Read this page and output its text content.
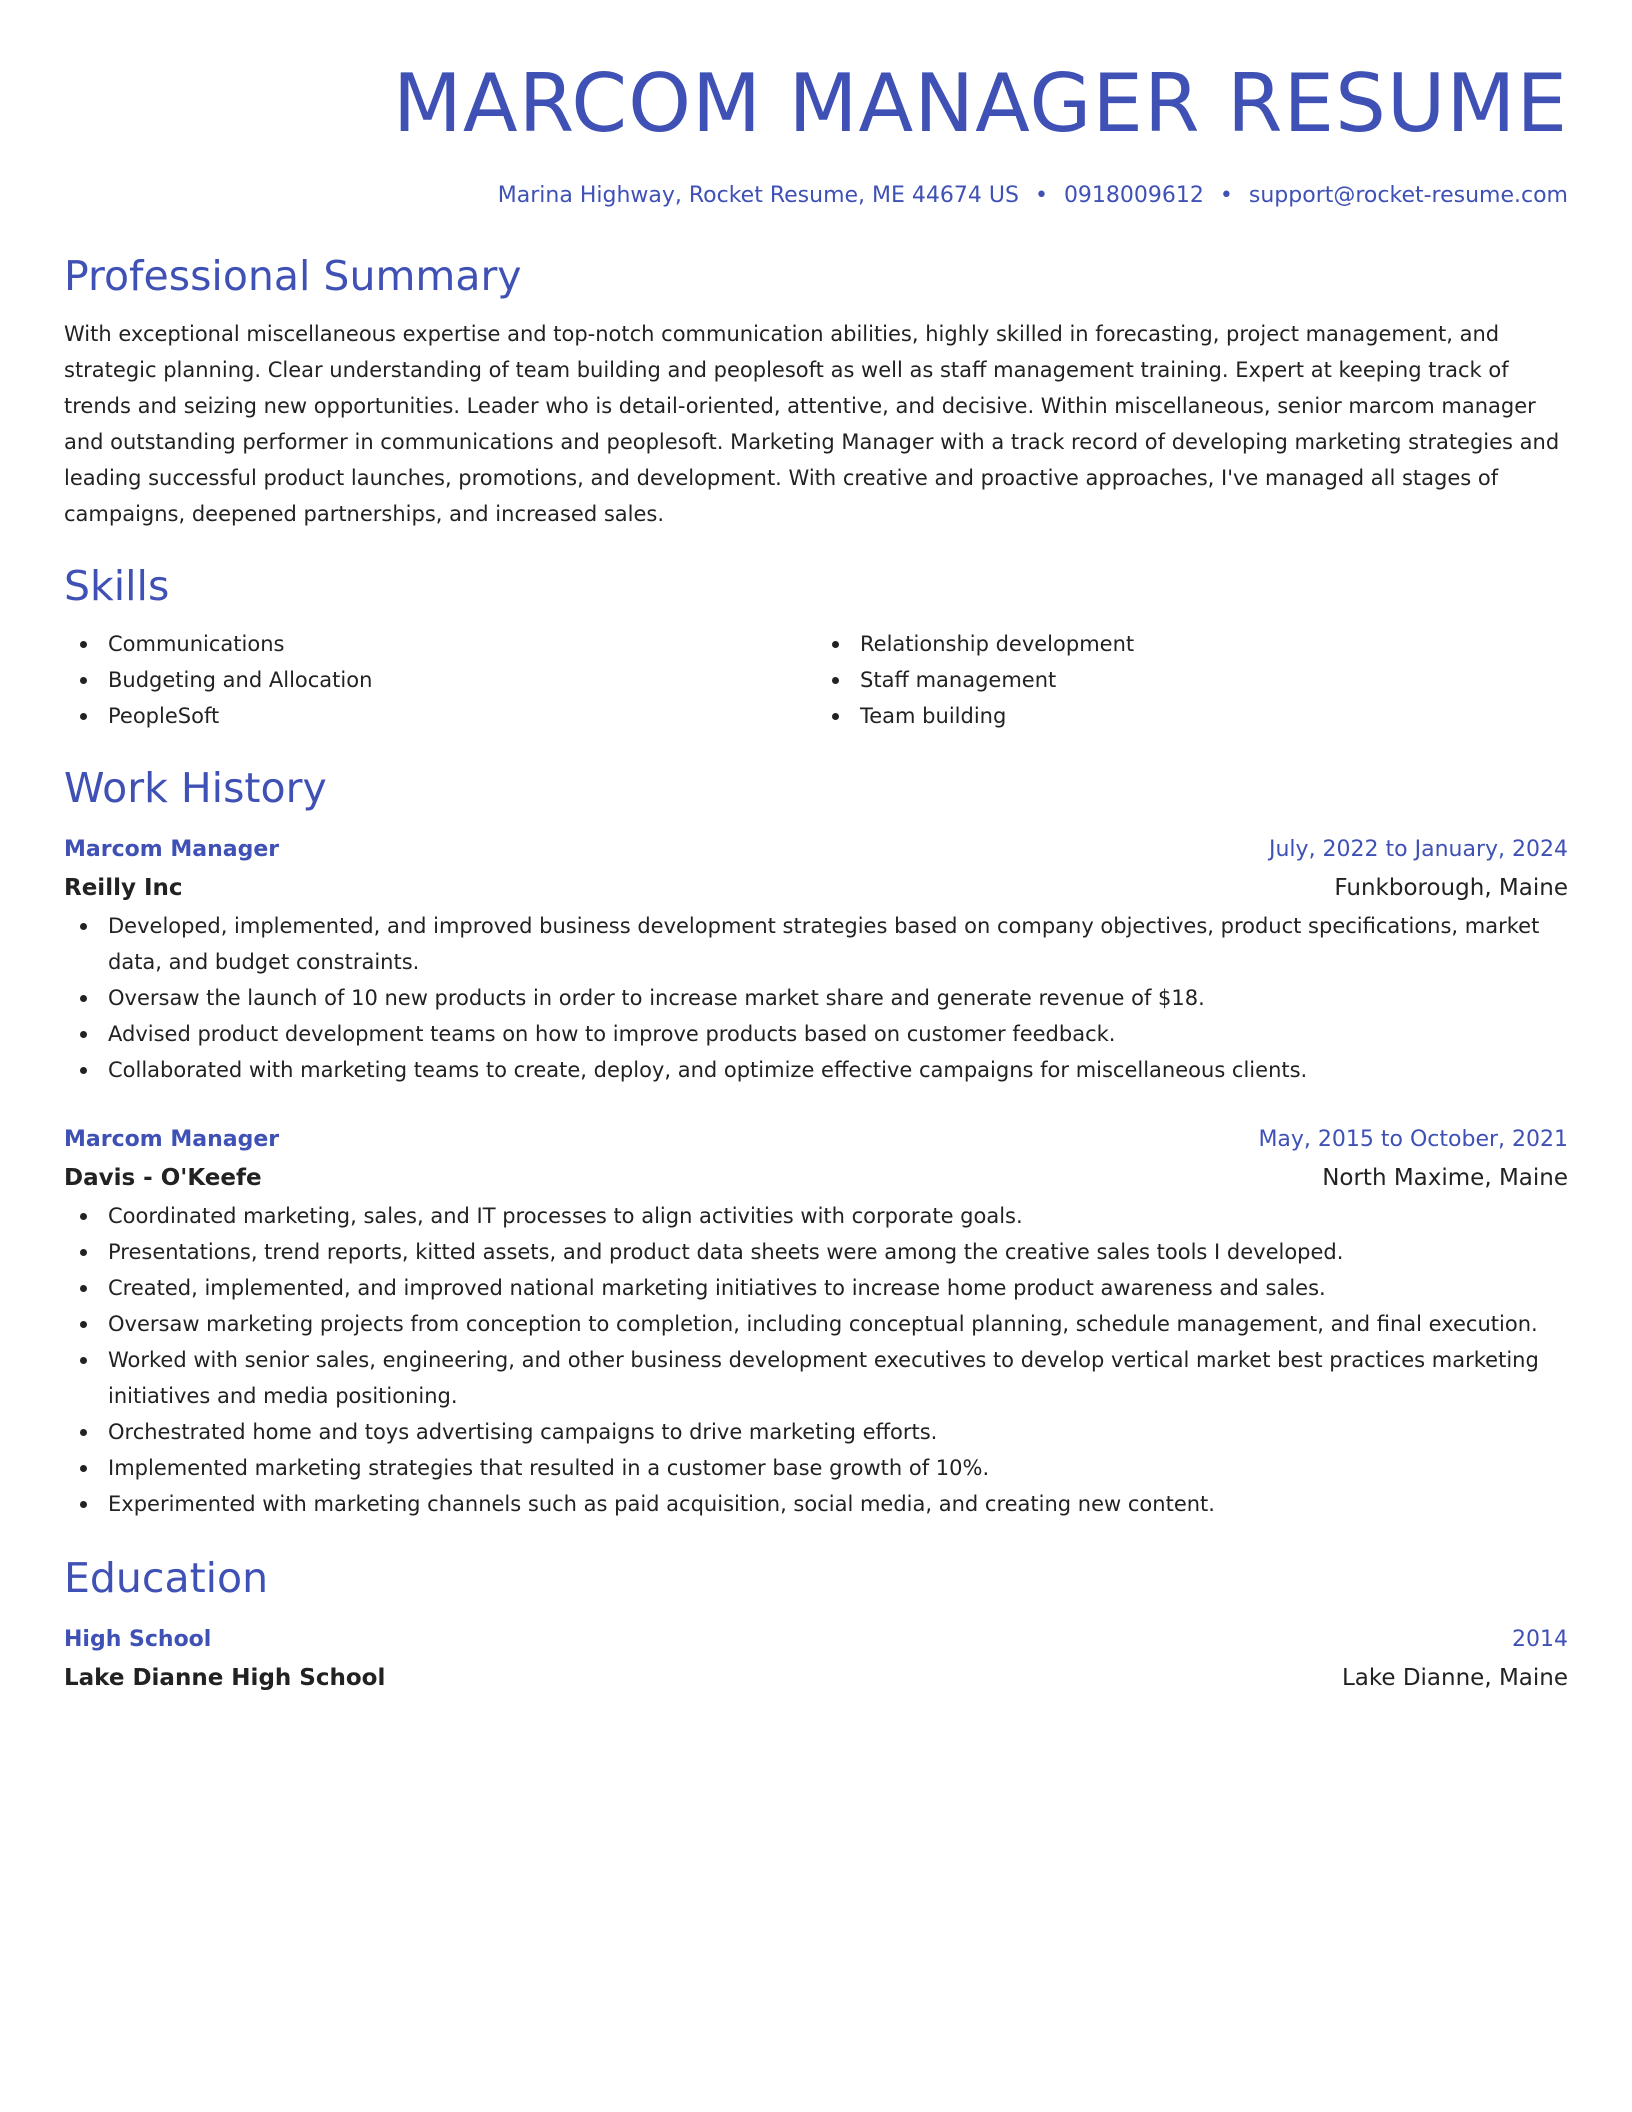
MARCOM MANAGER RESUME
Marina Highway, Rocket Resume, ME 44674 US • 0918009612 • support@rocket-resume.com
Professional Summary

With exceptional miscellaneous expertise and top-notch communication abilities, highly skilled in forecasting, project management, and strategic planning. Clear understanding of team building and peoplesoft as well as staff management training. Expert at keeping track of trends and seizing new opportunities. Leader who is detail-oriented, attentive, and decisive. Within miscellaneous, senior marcom manager and outstanding performer in communications and peoplesoft. Marketing Manager with a track record of developing marketing strategies and leading successful product launches, promotions, and development. With creative and proactive approaches, I've managed all stages of campaigns, deepened partnerships, and increased sales.

Skills
Communications
Budgeting and Allocation
PeopleSoft
Relationship development
Staff management
Team building
Work History
Marcom Manager	July, 2022 to January, 2024
Reilly Inc	Funkborough, Maine
Developed, implemented, and improved business development strategies based on company objectives, product specifications, market data, and budget constraints.
Oversaw the launch of 10 new products in order to increase market share and generate revenue of $18.
Advised product development teams on how to improve products based on customer feedback.
Collaborated with marketing teams to create, deploy, and optimize effective campaigns for miscellaneous clients.
Marcom Manager	May, 2015 to October, 2021
Davis - O'Keefe	North Maxime, Maine
Coordinated marketing, sales, and IT processes to align activities with corporate goals.
Presentations, trend reports, kitted assets, and product data sheets were among the creative sales tools I developed.
Created, implemented, and improved national marketing initiatives to increase home product awareness and sales.
Oversaw marketing projects from conception to completion, including conceptual planning, schedule management, and final execution.
Worked with senior sales, engineering, and other business development executives to develop vertical market best practices marketing initiatives and media positioning.
Orchestrated home and toys advertising campaigns to drive marketing efforts.
Implemented marketing strategies that resulted in a customer base growth of 10%.
Experimented with marketing channels such as paid acquisition, social media, and creating new content.
Education
High School	2014
Lake Dianne High School	Lake Dianne, Maine
